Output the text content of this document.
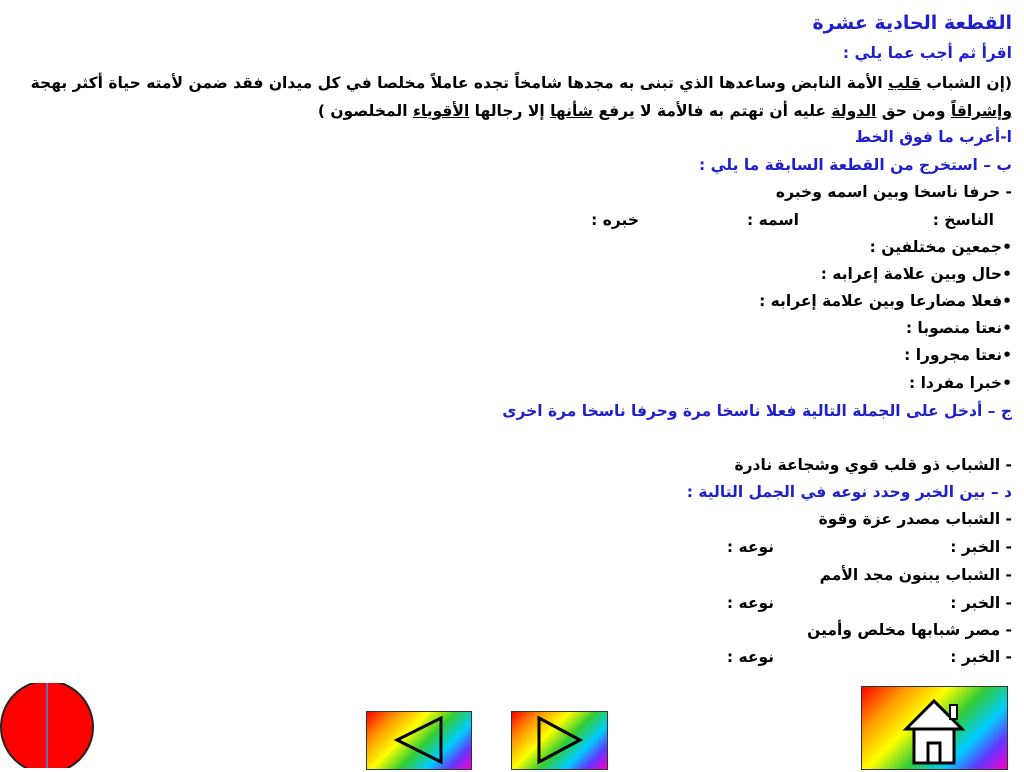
القطعة الحادية عشرة
اقرأ ثم أجب عما يلي :
(إن الشباب قلب الأمة النابض وساعدها الذي تبنى به مجدها شامخاً تجده عاملاً مخلصا في كل ميدان فقد ضمن لأمته حياة أكثر بهجة
وإشراقاً ومن حق الدولة عليه أن تهتم به فالأمة لا يرفع شأنها إلا رجالها الأقوياء المخلصون )
ا-أعرب ما فوق الخط
ب – استخرج من القطعة السابقة ما يلي :
- حرفا ناسخا وبين اسمه وخبره
الناسخ :
اسمه :
خبره :
•جمعين مختلفين :
•حال وبين علامة إعرابه :
•فعلا مضارعا وبين علامة إعرابه :
•نعتا منصوبا :
•نعتا مجرورا :
•خبرا مفردا :
ج – أدخل على الجملة التالية فعلا ناسخا مرة وحرفا ناسخا مرة اخرى
- الشباب ذو قلب قوي وشجاعة نادرة
د – بين الخبر وحدد نوعه في الجمل التالية :
- الشباب مصدر عزة وقوة
- الخبر :
نوعه :
- الشباب يبنون مجد الأمم
- الخبر :
نوعه :
- مصر شبابها مخلص وأمين
- الخبر :
نوعه :
